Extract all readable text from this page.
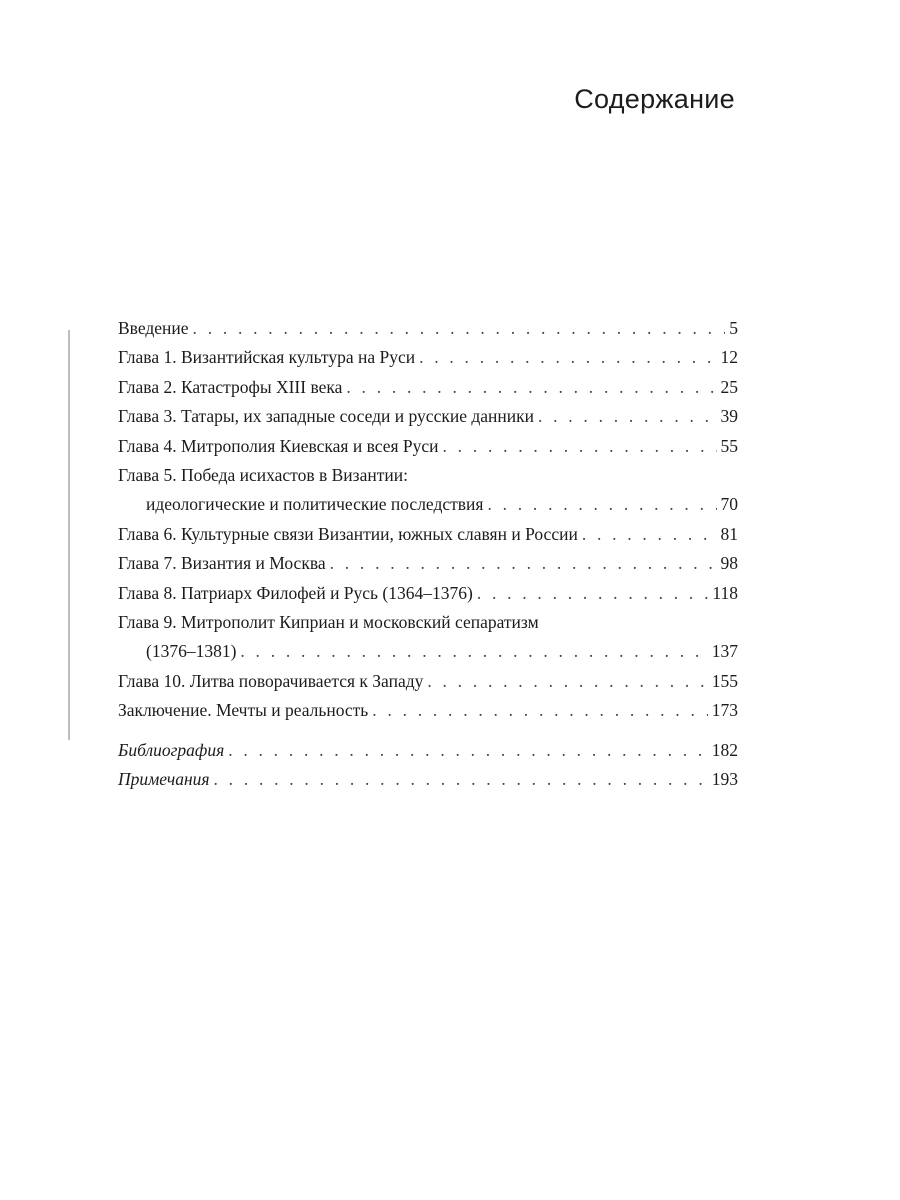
Содержание
Введение . . .	5
Глава 1. Византийская культура на Руси . . .	12
Глава 2. Катастрофы XIII века . . .	25
Глава 3. Татары, их западные соседи и русские данники . . .	39
Глава 4. Митрополия Киевская и всея Руси . . .	55
Глава 5. Победа исихастов в Византии:
идеологические и политические последствия . . .	70
Глава 6. Культурные связи Византии, южных славян и России . . .	81
Глава 7. Византия и Москва . . .	98
Глава 8. Патриарх Филофей и Русь (1364–1376) . . .	118
Глава 9. Митрополит Киприан и московский сепаратизм
(1376–1381) . . .	137
Глава 10. Литва поворачивается к Западу . . .	155
Заключение. Мечты и реальность . . .	173
Библиография . . .	182
Примечания . . .	193
